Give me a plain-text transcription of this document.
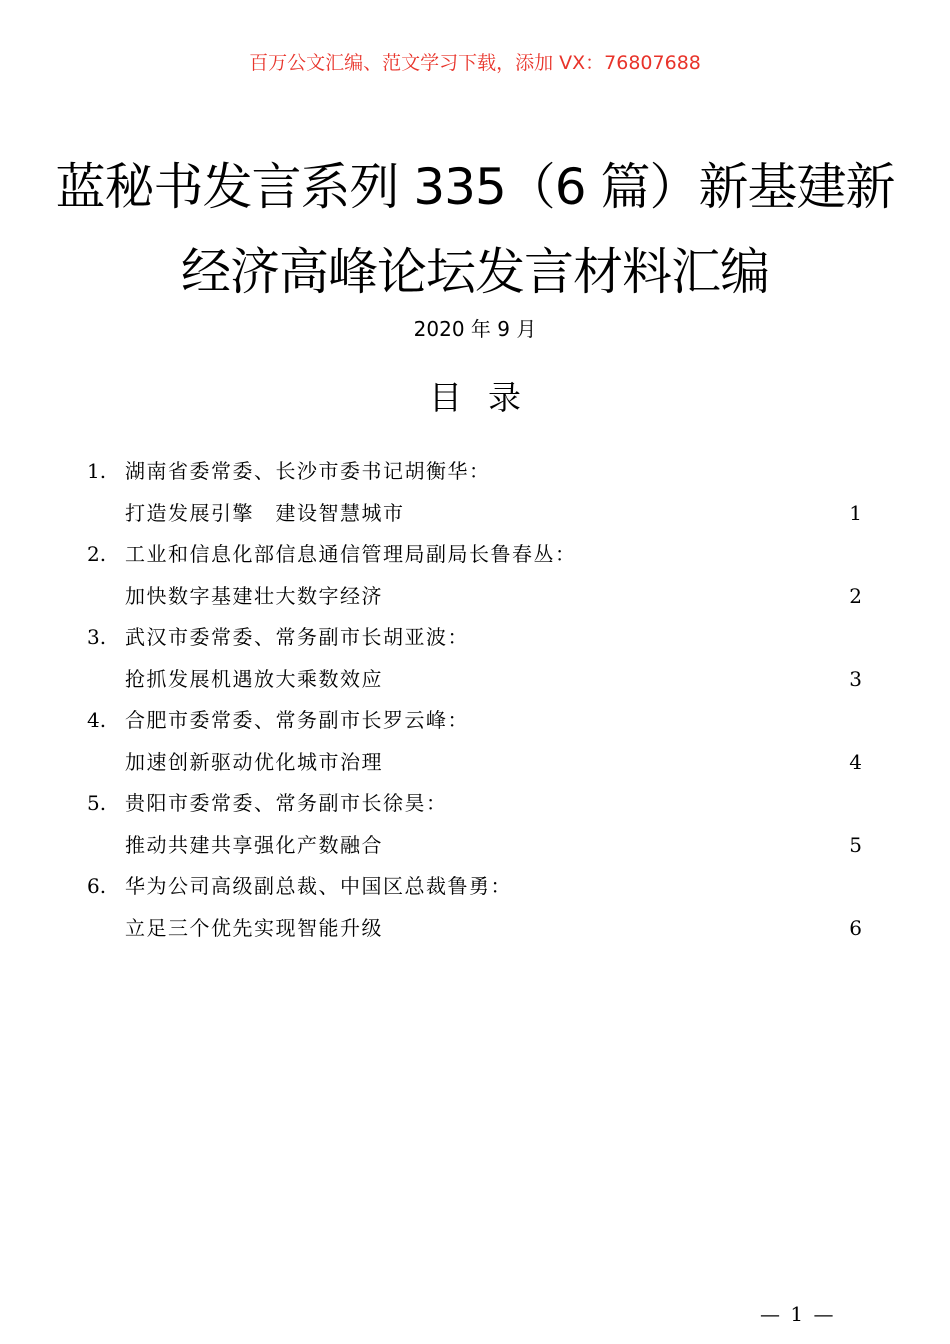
百万公文汇编、范文学习下载，添加 VX：76807688
蓝秘书发言系列 335（6 篇）新基建新
经济高峰论坛发言材料汇编
2020 年 9 月
目录
1. 湖南省委常委、长沙市委书记胡衡华：
打造发展引擎　建设智慧城市	1
2. 工业和信息化部信息通信管理局副局长鲁春丛：
加快数字基建壮大数字经济	2
3. 武汉市委常委、常务副市长胡亚波：
抢抓发展机遇放大乘数效应	3
4. 合肥市委常委、常务副市长罗云峰：
加速创新驱动优化城市治理	4
5. 贵阳市委常委、常务副市长徐昊：
推动共建共享强化产数融合	5
6. 华为公司高级副总裁、中国区总裁鲁勇：
立足三个优先实现智能升级	6
— 1 —
